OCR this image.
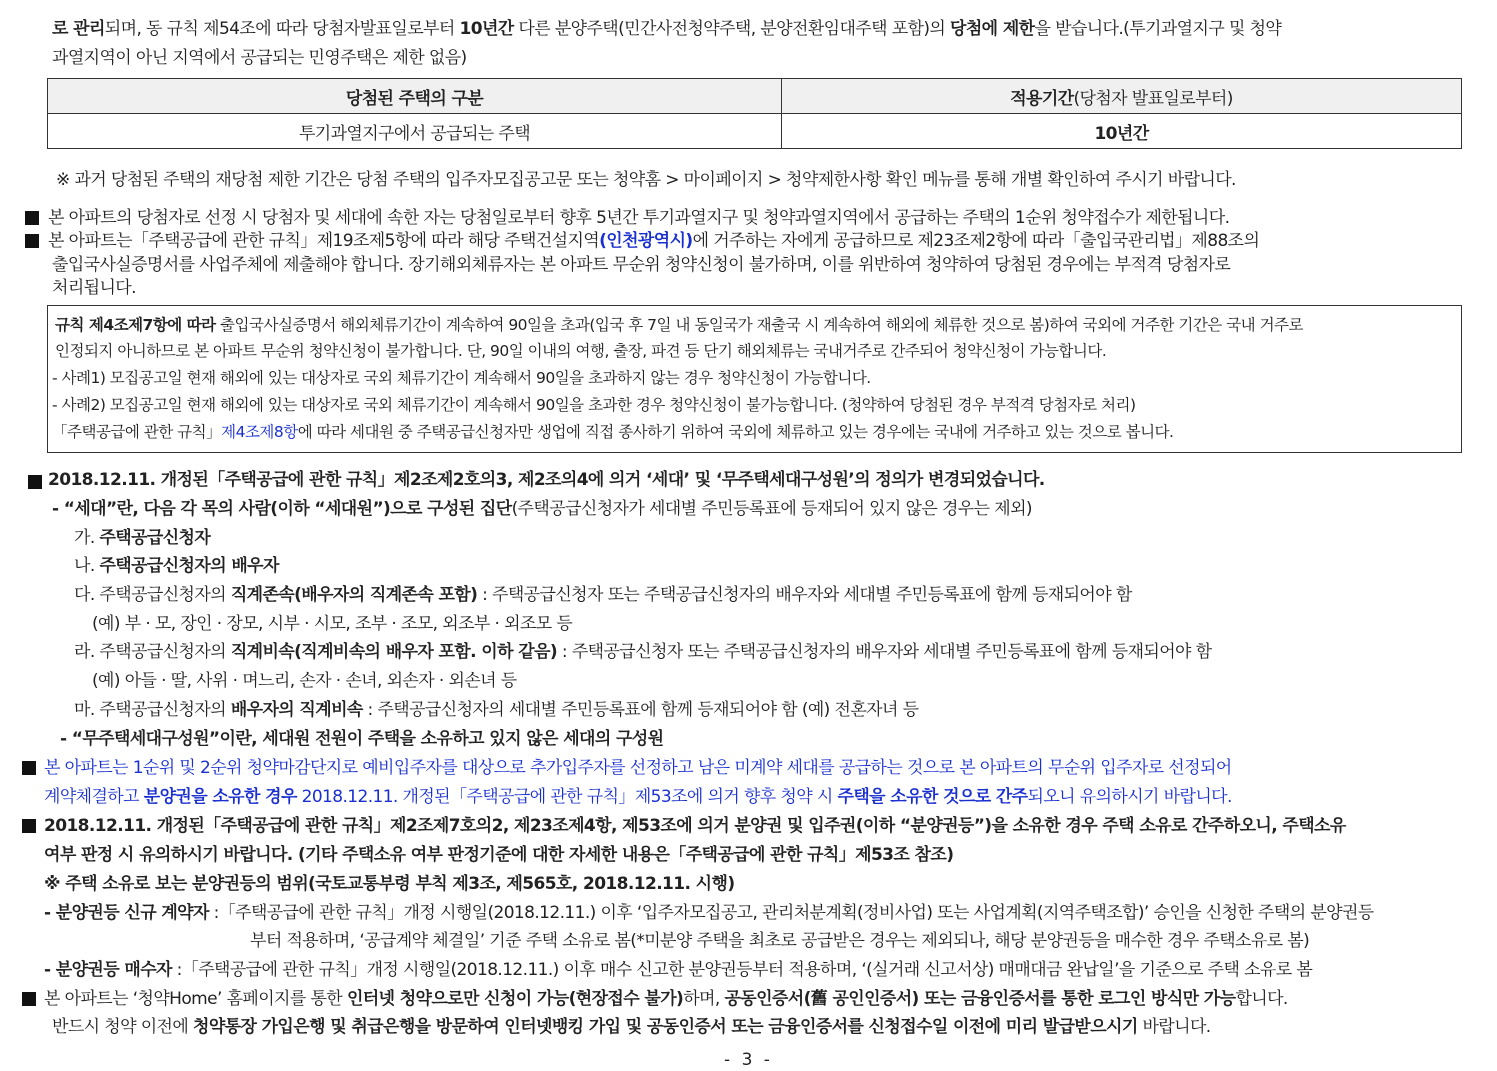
로 관리되며, 동 규칙 제54조에 따라 당첨자발표일로부터 10년간 다른 분양주택(민간사전청약주택, 분양전환임대주택 포함)의 당첨에 제한을 받습니다.(투기과열지구 및 청약
과열지역이 아닌 지역에서 공급되는 민영주택은 제한 없음)
당첨된 주택의 구분	적용기간(당첨자 발표일로부터)
투기과열지구에서 공급되는 주택	10년간
※ 과거 당첨된 주택의 재당첨 제한 기간은 당첨 주택의 입주자모집공고문 또는 청약홈 > 마이페이지 > 청약제한사항 확인 메뉴를 통해 개별 확인하여 주시기 바랍니다.
본 아파트의 당첨자로 선정 시 당첨자 및 세대에 속한 자는 당첨일로부터 향후 5년간 투기과열지구 및 청약과열지역에서 공급하는 주택의 1순위 청약접수가 제한됩니다.
본 아파트는「주택공급에 관한 규칙」제19조제5항에 따라 해당 주택건설지역(인천광역시)에 거주하는 자에게 공급하므로 제23조제2항에 따라「출입국관리법」제88조의
출입국사실증명서를 사업주체에 제출해야 합니다. 장기해외체류자는 본 아파트 무순위 청약신청이 불가하며, 이를 위반하여 청약하여 당첨된 경우에는 부적격 당첨자로
처리됩니다.
규칙 제4조제7항에 따라 출입국사실증명서 해외체류기간이 계속하여 90일을 초과(입국 후 7일 내 동일국가 재출국 시 계속하여 해외에 체류한 것으로 봄)하여 국외에 거주한 기간은 국내 거주로
인정되지 아니하므로 본 아파트 무순위 청약신청이 불가합니다. 단, 90일 이내의 여행, 출장, 파견 등 단기 해외체류는 국내거주로 간주되어 청약신청이 가능합니다.
- 사례1) 모집공고일 현재 해외에 있는 대상자로 국외 체류기간이 계속해서 90일을 초과하지 않는 경우 청약신청이 가능합니다.
- 사례2) 모집공고일 현재 해외에 있는 대상자로 국외 체류기간이 계속해서 90일을 초과한 경우 청약신청이 불가능합니다. (청약하여 당첨된 경우 부적격 당첨자로 처리)
「주택공급에 관한 규칙」제4조제8항에 따라 세대원 중 주택공급신청자만 생업에 직접 종사하기 위하여 국외에 체류하고 있는 경우에는 국내에 거주하고 있는 것으로 봅니다.
2018.12.11. 개정된「주택공급에 관한 규칙」제2조제2호의3, 제2조의4에 의거 ‘세대’ 및 ‘무주택세대구성원’의 정의가 변경되었습니다.
- “세대”란, 다음 각 목의 사람(이하 “세대원”)으로 구성된 집단(주택공급신청자가 세대별 주민등록표에 등재되어 있지 않은 경우는 제외)
가. 주택공급신청자
나. 주택공급신청자의 배우자
다. 주택공급신청자의 직계존속(배우자의 직계존속 포함) : 주택공급신청자 또는 주택공급신청자의 배우자와 세대별 주민등록표에 함께 등재되어야 함
(예) 부 · 모, 장인 · 장모, 시부 · 시모, 조부 · 조모, 외조부 · 외조모 등
라. 주택공급신청자의 직계비속(직계비속의 배우자 포함. 이하 같음) : 주택공급신청자 또는 주택공급신청자의 배우자와 세대별 주민등록표에 함께 등재되어야 함
(예) 아들 · 딸, 사위 · 며느리, 손자 · 손녀, 외손자 · 외손녀 등
마. 주택공급신청자의 배우자의 직계비속 : 주택공급신청자의 세대별 주민등록표에 함께 등재되어야 함 (예) 전혼자녀 등
- “무주택세대구성원”이란, 세대원 전원이 주택을 소유하고 있지 않은 세대의 구성원
본 아파트는 1순위 및 2순위 청약마감단지로 예비입주자를 대상으로 추가입주자를 선정하고 남은 미계약 세대를 공급하는 것으로 본 아파트의 무순위 입주자로 선정되어
계약체결하고 분양권을 소유한 경우 2018.12.11. 개정된「주택공급에 관한 규칙」제53조에 의거 향후 청약 시 주택을 소유한 것으로 간주되오니 유의하시기 바랍니다.
2018.12.11. 개정된「주택공급에 관한 규칙」제2조제7호의2, 제23조제4항, 제53조에 의거 분양권 및 입주권(이하 “분양권등”)을 소유한 경우 주택 소유로 간주하오니, 주택소유
여부 판정 시 유의하시기 바랍니다. (기타 주택소유 여부 판정기준에 대한 자세한 내용은「주택공급에 관한 규칙」제53조 참조)
※ 주택 소유로 보는 분양권등의 범위(국토교통부령 부칙 제3조, 제565호, 2018.12.11. 시행)
- 분양권등 신규 계약자 :「주택공급에 관한 규칙」개정 시행일(2018.12.11.) 이후 ‘입주자모집공고, 관리처분계획(정비사업) 또는 사업계획(지역주택조합)’ 승인을 신청한 주택의 분양권등
부터 적용하며, ‘공급계약 체결일’ 기준 주택 소유로 봄(*미분양 주택을 최초로 공급받은 경우는 제외되나, 해당 분양권등을 매수한 경우 주택소유로 봄)
- 분양권등 매수자 :「주택공급에 관한 규칙」개정 시행일(2018.12.11.) 이후 매수 신고한 분양권등부터 적용하며, ‘(실거래 신고서상) 매매대금 완납일’을 기준으로 주택 소유로 봄
본 아파트는 ‘청약Home’ 홈페이지를 통한 인터넷 청약으로만 신청이 가능(현장접수 불가)하며, 공동인증서(舊 공인인증서) 또는 금융인증서를 통한 로그인 방식만 가능합니다.
반드시 청약 이전에 청약통장 가입은행 및 취급은행을 방문하여 인터넷뱅킹 가입 및 공동인증서 또는 금융인증서를 신청접수일 이전에 미리 발급받으시기 바랍니다.
- 3 -
